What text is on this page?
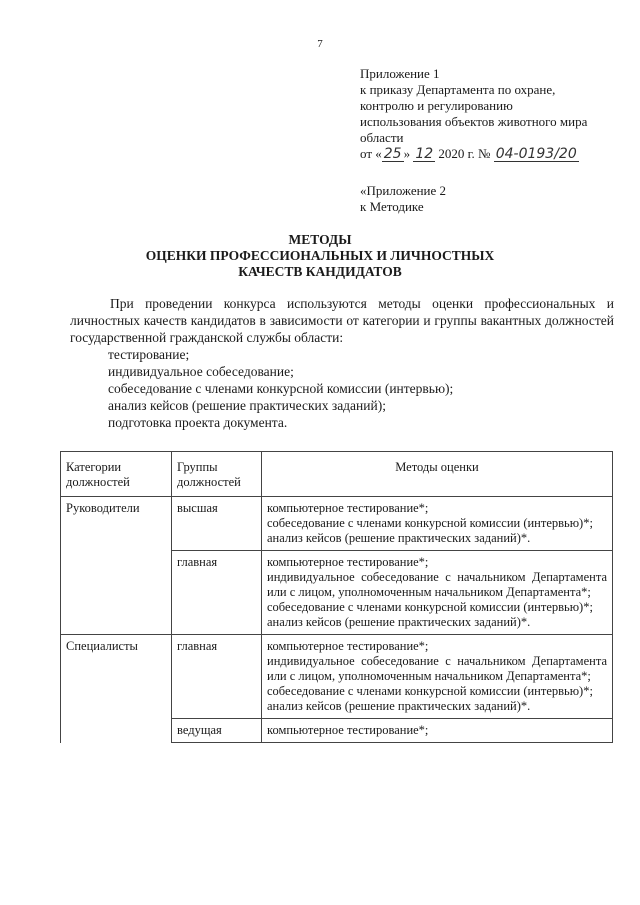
7
Приложение 1
к приказу Департамента по охране,
контролю и регулированию
использования объектов животного мира
области
от « 25 » 12 2020 г. № 04-0193/20
«Приложение 2
к Методике
МЕТОДЫ
ОЦЕНКИ ПРОФЕССИОНАЛЬНЫХ И ЛИЧНОСТНЫХ
КАЧЕСТВ КАНДИДАТОВ
При проведении конкурса используются методы оценки профессиональных и личностных качеств кандидатов в зависимости от категории и группы вакантных должностей государственной гражданской службы области:
тестирование;
индивидуальное собеседование;
собеседование с членами конкурсной комиссии (интервью);
анализ кейсов (решение практических заданий);
подготовка проекта документа.
Категории должностей	Группы должностей	Методы оценки
Руководители	высшая	компьютерное тестирование*;
собеседование с членами конкурсной комиссии (интервью)*;
анализ кейсов (решение практических заданий)*.

	главная	компьютерное тестирование*;
индивидуальное собеседование с начальником Департамента или с лицом, уполномоченным начальником Департамента*;
собеседование с членами конкурсной комиссии (интервью)*;
анализ кейсов (решение практических заданий)*.

Специалисты	главная	компьютерное тестирование*;
индивидуальное собеседование с начальником Департамента или с лицом, уполномоченным начальником Департамента*;
собеседование с членами конкурсной комиссии (интервью)*;
анализ кейсов (решение практических заданий)*.

	ведущая	компьютерное тестирование*;
